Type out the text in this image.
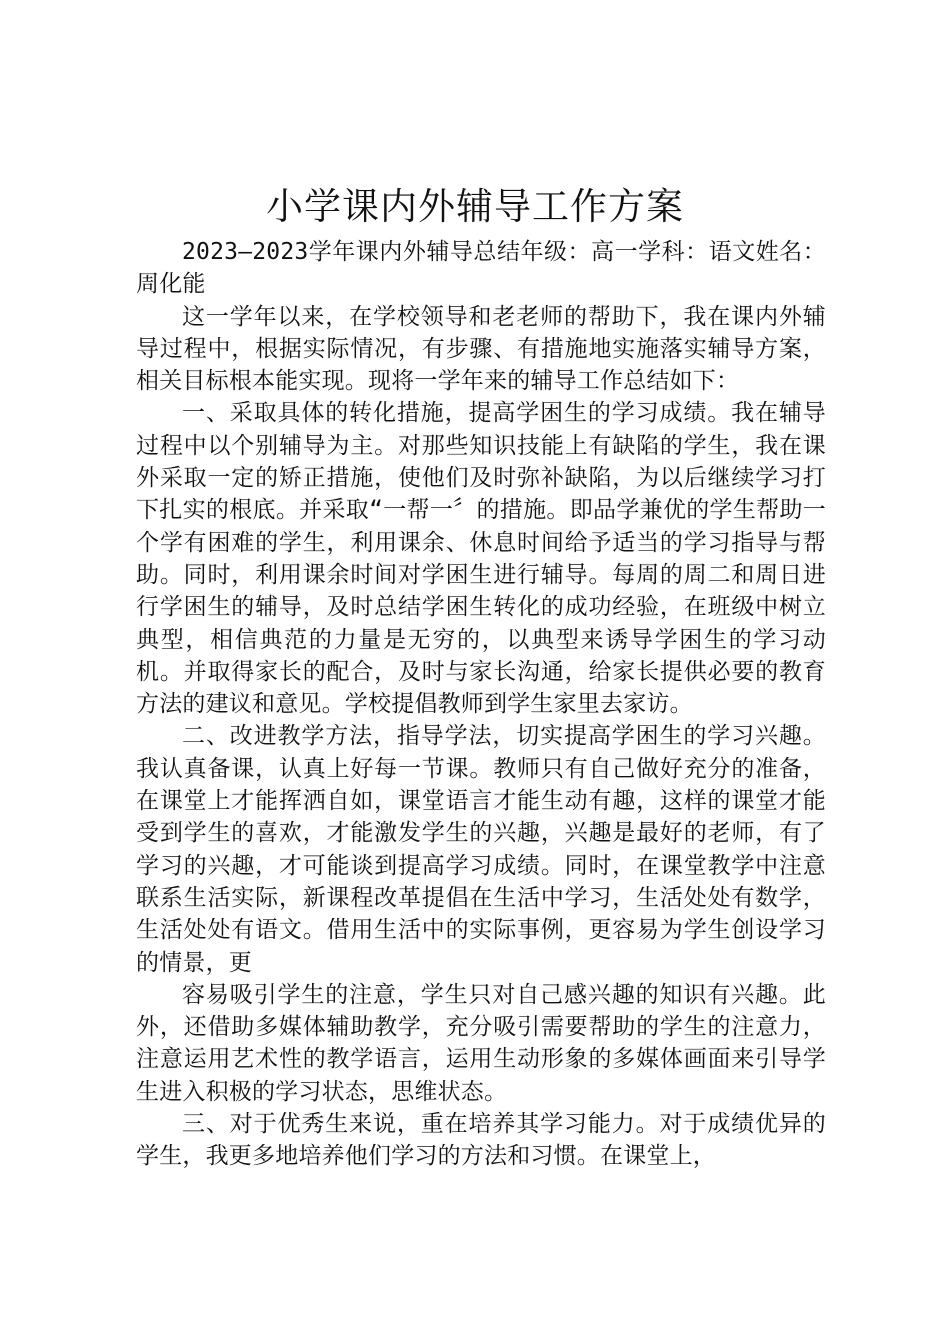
小学课内外辅导工作方案

2023—2023学年课内外辅导总结年级：高一学科：语文姓名：周化能

这一学年以来，在学校领导和老老师的帮助下，我在课内外辅导过程中，根据实际情况，有步骤、有措施地实施落实辅导方案，相关目标根本能实现。现将一学年来的辅导工作总结如下：

一、采取具体的转化措施，提高学困生的学习成绩。我在辅导过程中以个别辅导为主。对那些知识技能上有缺陷的学生，我在课外采取一定的矫正措施，使他们及时弥补缺陷，为以后继续学习打下扎实的根底。并采取“一帮一〞的措施。即品学兼优的学生帮助一个学有困难的学生，利用课余、休息时间给予适当的学习指导与帮助。同时，利用课余时间对学困生进行辅导。每周的周二和周日进行学困生的辅导，及时总结学困生转化的成功经验，在班级中树立典型，相信典范的力量是无穷的，以典型来诱导学困生的学习动机。并取得家长的配合，及时与家长沟通，给家长提供必要的教育方法的建议和意见。学校提倡教师到学生家里去家访。

二、改进教学方法，指导学法，切实提高学困生的学习兴趣。我认真备课，认真上好每一节课。教师只有自己做好充分的准备，在课堂上才能挥洒自如，课堂语言才能生动有趣，这样的课堂才能受到学生的喜欢，才能激发学生的兴趣，兴趣是最好的老师，有了学习的兴趣，才可能谈到提高学习成绩。同时，在课堂教学中注意联系生活实际，新课程改革提倡在生活中学习，生活处处有数学，生活处处有语文。借用生活中的实际事例，更容易为学生创设学习的情景，更

容易吸引学生的注意，学生只对自己感兴趣的知识有兴趣。此外，还借助多媒体辅助教学，充分吸引需要帮助的学生的注意力，注意运用艺术性的教学语言，运用生动形象的多媒体画面来引导学生进入积极的学习状态，思维状态。

三、对于优秀生来说，重在培养其学习能力。对于成绩优异的学生，我更多地培养他们学习的方法和习惯。在课堂上，
